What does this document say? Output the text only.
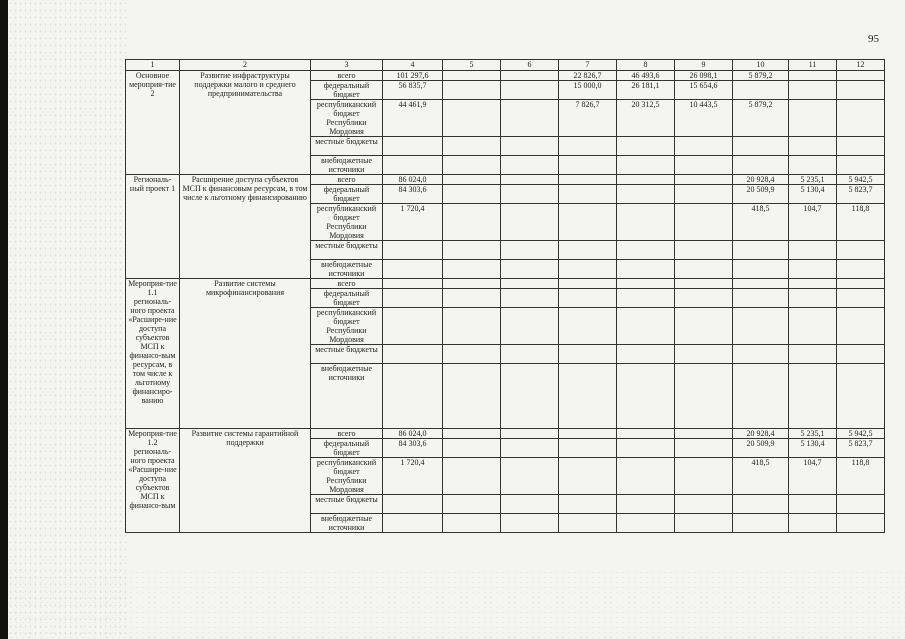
95
1	2	3	4	5	6	7	8	9	10	11	12
Основное мероприя-тие 2	Развитие инфраструктуры поддержки малого и среднего предпринимательства	всего	101 297,6			22 826,7	46 493,6	26 098,1	5 879,2		
		федеральный бюджет	56 835,7			15 000,0	26 181,1	15 654,6			
		республиканский бюджет Республики Мордовия	44 461,9			7 826,7	20 312,5	10 443,5	5 879,2		
		местные бюджеты									
		внебюджетные источники									
Региональ-ный проект 1	Расширение доступа субъектов МСП к финансовым ресурсам, в том числе к льготному финансированию	всего	86 024,0						20 928,4	5 235,1	5 942,5
		федеральный бюджет	84 303,6						20 509,9	5 130,4	5 823,7
		республиканский бюджет Республики Мордовия	1 720,4						418,5	104,7	118,8
		местные бюджеты									
		внебюджетные источники									
Мероприя-тие 1.1 региональ-ного проекта «Расшире-ние доступа субъектов МСП к финансо-вым ресурсам, в том числе к льготному финансиро-ванию	Развитие системы микрофинансирования	всего									
		федеральный бюджет									
		республиканский бюджет Республики Мордовия									
		местные бюджеты									
		внебюджетные источники									
Мероприя-тие 1.2 региональ-ного проекта «Расшире-ние доступа субъектов МСП к финансо-вым	Развитие системы гарантийной поддержки	всего	86 024,0						20 928,4	5 235,1	5 942,5
		федеральный бюджет	84 303,6						20 509,9	5 130,4	5 823,7
		республиканский бюджет Республики Мордовия	1 720,4						418,5	104,7	118,8
		местные бюджеты									
		внебюджетные источники									
